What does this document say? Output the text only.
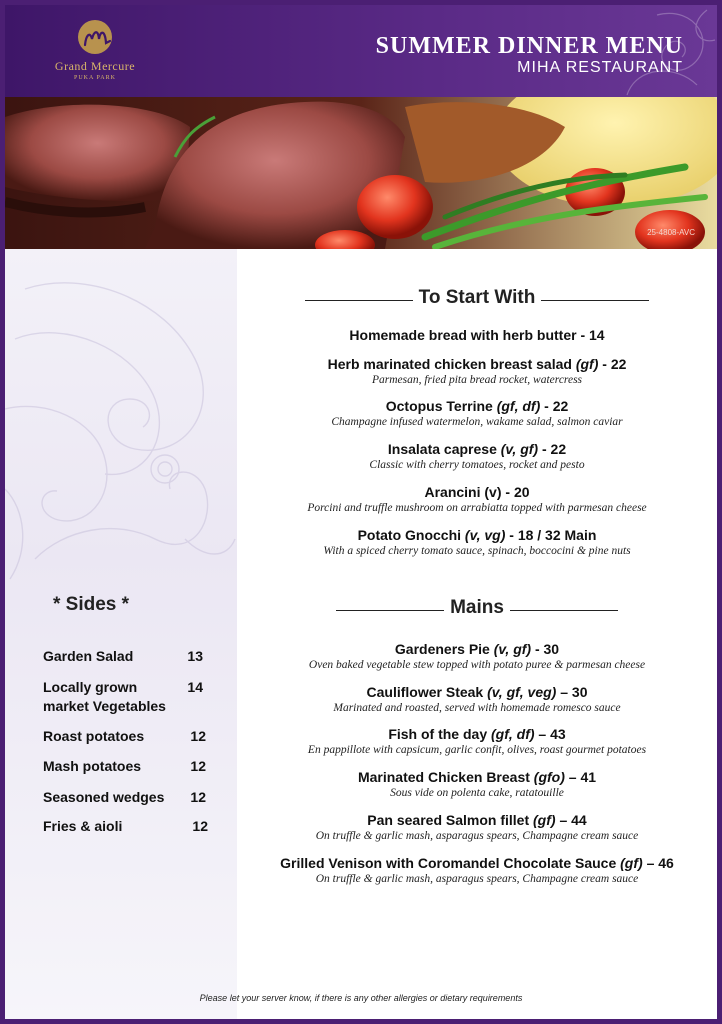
Grand Mercure
PUKA PARK
SUMMER DINNER MENU
MIHA RESTAURANT
25-4808-AVC
* Sides *
Garden Salad	13
Locally grown market Vegetables
14
Roast potatoes	12
Mash potatoes	12
Seasoned wedges	12
Fries & aioli	12
To Start With
Homemade bread with herb butter - 14
Herb marinated chicken breast salad (gf) - 22
Parmesan, fried pita bread rocket, watercress
Octopus Terrine (gf, df) - 22
Champagne infused watermelon, wakame salad, salmon caviar
Insalata caprese (v, gf) - 22
Classic with cherry tomatoes, rocket and pesto
Arancini (v) - 20
Porcini and truffle mushroom on arrabiatta topped with parmesan cheese
Potato Gnocchi (v, vg) - 18 / 32 Main
With a spiced cherry tomato sauce, spinach, boccocini & pine nuts
Mains
Gardeners Pie (v, gf) - 30
Oven baked vegetable stew topped with potato puree & parmesan cheese
Cauliflower Steak (v, gf, veg) – 30
Marinated and roasted, served with homemade romesco sauce
Fish of the day (gf, df) – 43
En pappillote with capsicum, garlic confit, olives, roast gourmet potatoes
Marinated Chicken Breast (gfo) – 41
Sous vide on polenta cake, ratatouille
Pan seared Salmon fillet (gf) – 44
On truffle & garlic mash, asparagus spears, Champagne cream sauce
Grilled Venison with Coromandel Chocolate Sauce (gf) – 46
On truffle & garlic mash, asparagus spears, Champagne cream sauce
Please let your server know, if there is any other allergies or dietary requirements
